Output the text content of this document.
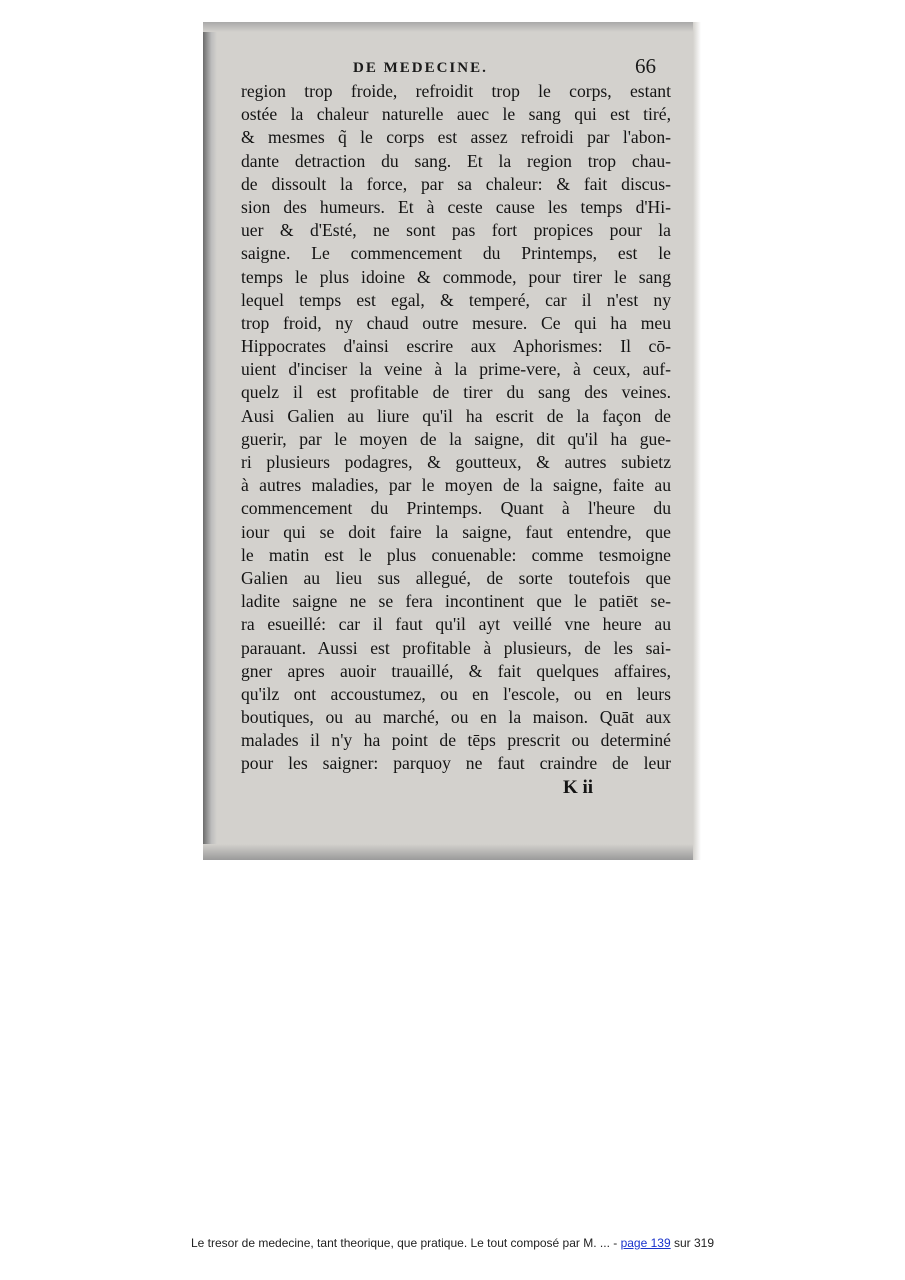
DE MEDECINE.	66
region trop froide, refroidit trop le corps, estant
ostée la chaleur naturelle auec le sang qui est tiré,
& mesmes q̃ le corps est assez refroidi par l'abon-
dante detraction du sang. Et la region trop chau-
de dissoult la force, par sa chaleur: & fait discus-
sion des humeurs. Et à ceste cause les temps d'Hi-
uer & d'Esté, ne sont pas fort propices pour la
saigne. Le commencement du Printemps, est le
temps le plus idoine & commode, pour tirer le sang
lequel temps est egal, & temperé, car il n'est ny
trop froid, ny chaud outre mesure. Ce qui ha meu
Hippocrates d'ainsi escrire aux Aphorismes: Il cō-
uient d'inciser la veine à la prime-vere, à ceux, auf-
quelz il est profitable de tirer du sang des veines.
Ausi Galien au liure qu'il ha escrit de la façon de
guerir, par le moyen de la saigne, dit qu'il ha gue-
ri plusieurs podagres, & goutteux, & autres subietz
à autres maladies, par le moyen de la saigne, faite au
commencement du Printemps. Quant à l'heure du
iour qui se doit faire la saigne, faut entendre, que
le matin est le plus conuenable: comme tesmoigne
Galien au lieu sus allegué, de sorte toutefois que
ladite saigne ne se fera incontinent que le patiēt se-
ra esueillé: car il faut qu'il ayt veillé vne heure au
parauant. Aussi est profitable à plusieurs, de les sai-
gner apres auoir trauaillé, & fait quelques affaires,
qu'ilz ont accoustumez, ou en l'escole, ou en leurs
boutiques, ou au marché, ou en la maison. Quāt aux
malades il n'y ha point de tēps prescrit ou determiné
pour les saigner: parquoy ne faut craindre de leur
K ii
Le tresor de medecine, tant theorique, que pratique. Le tout composé par M. ... - page 139 sur 319
